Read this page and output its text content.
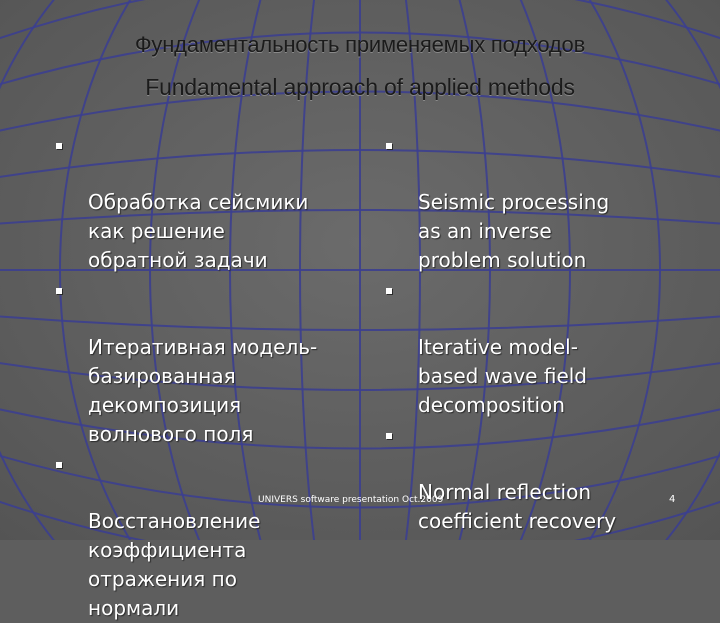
Фундаментальность применяемых подходов
Fundamental approach of applied methods

Обработка сейсмики
как решение
обратной задачи

Итеративная модель-
базированная
декомпозиция
волнового поля

Восстановление
коэффициента
отражения по
нормали

Seismic processing
as an inverse
problem solution

Iterative model-
based wave field
decomposition

Normal reflection
coefficient recovery

UNIVERS software presentation Oct.2009	4
